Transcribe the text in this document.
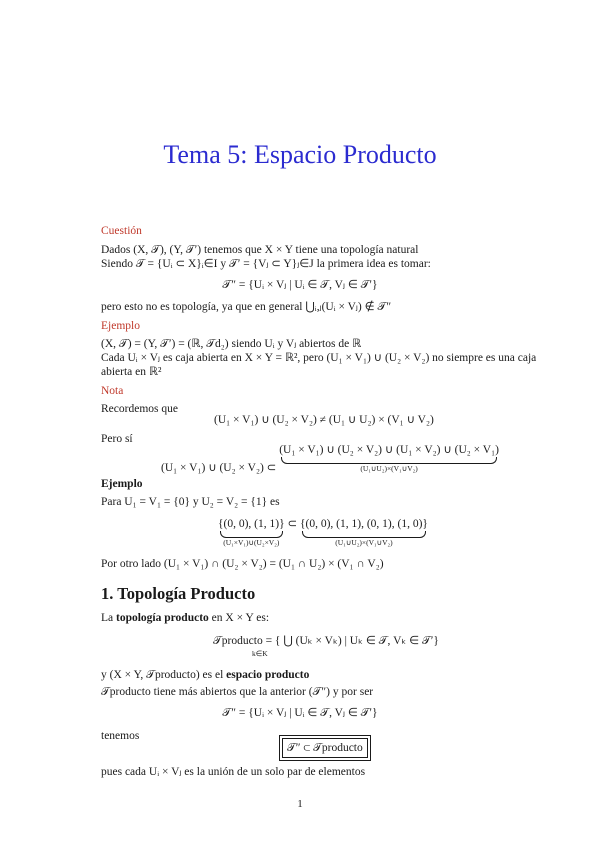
Tema 5: Espacio Producto
Cuestión
Dados (X, 𝒯), (Y, 𝒯′) tenemos que X × Y tiene una topología natural
Siendo 𝒯 = {Uᵢ ⊂ X}ᵢ∈I y 𝒯′ = {Vⱼ ⊂ Y}ⱼ∈J la primera idea es tomar:
𝒯″ = {Uᵢ × Vⱼ | Uᵢ ∈ 𝒯, Vⱼ ∈ 𝒯′}
pero esto no es topología, ya que en general ⋃ᵢ,ⱼ(Uᵢ × Vⱼ) ∉ 𝒯″
Ejemplo
(X, 𝒯) = (Y, 𝒯′) = (ℝ, 𝒯d₂) siendo Uᵢ y Vⱼ abiertos de ℝ
Cada Uᵢ × Vⱼ es caja abierta en X × Y = ℝ², pero (U₁ × V₁) ∪ (U₂ × V₂) no siempre es una caja
abierta en ℝ²
Nota
Recordemos que
(U₁ × V₁) ∪ (U₂ × V₂) ≠ (U₁ ∪ U₂) × (V₁ ∪ V₂)
Pero sí
(U₁ × V₁) ∪ (U₂ × V₂) ⊂ (U₁ × V₁) ∪ (U₂ × V₂) ∪ (U₁ × V₂) ∪ (U₂ × V₁)
(U₁∪U₂)×(V₁∪V₂)
Ejemplo
Para U₁ = V₁ = {0} y U₂ = V₂ = {1} es
{(0, 0), (1, 1)}
(U₁×V₁)∪(U₂×V₂)
⊂ {(0, 0), (1, 1), (0, 1), (1, 0)}
(U₁∪U₂)×(V₁∪V₂)
Por otro lado (U₁ × V₁) ∩ (U₂ × V₂) = (U₁ ∩ U₂) × (V₁ ∩ V₂)
1. Topología Producto
La topología producto en X × Y es:
𝒯producto = { ⋃ (Uₖ × Vₖ) | Uₖ ∈ 𝒯, Vₖ ∈ 𝒯′}
k∈K
y (X × Y, 𝒯producto) es el espacio producto
𝒯producto tiene más abiertos que la anterior (𝒯″) y por ser
𝒯″ = {Uᵢ × Vⱼ | Uᵢ ∈ 𝒯, Vⱼ ∈ 𝒯′}
tenemos
𝒯″ ⊂ 𝒯producto
pues cada Uᵢ × Vⱼ es la unión de un solo par de elementos
1
